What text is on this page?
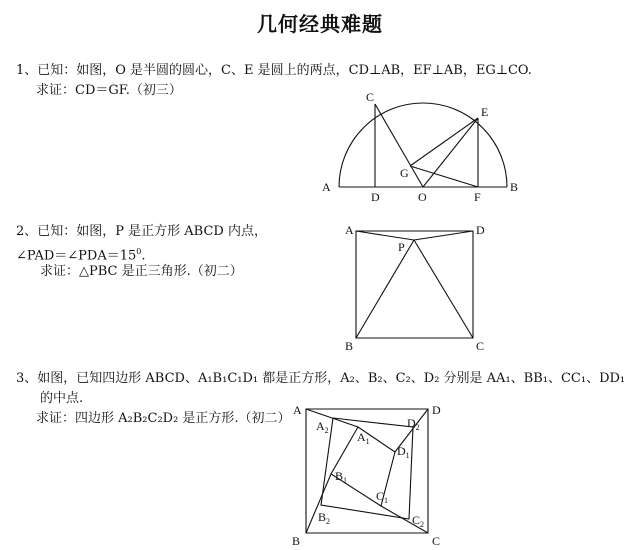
几何经典难题
1、已知：如图，O 是半圆的圆心，C、E 是圆上的两点，CD⊥AB，EF⊥AB，EG⊥CO.
求证：CD＝GF.（初三）
A	B
C
D
E
F
G
O
2、已知：如图，P 是正方形 ABCD 内点，
$\angle PAD=\angle PDA=15^0$.
求证：△PBC 是正三角形.（初二）
A	D
B	C
P
3、如图，已知四边形 ABCD、A₁B₁C₁D₁ 都是正方形，A₂、B₂、C₂、D₂ 分别是 AA₁、BB₁、CC₁、DD₁
的中点.
求证：四边形 A₂B₂C₂D₂ 是正方形.（初二）
A	D
B	C
$A_1$
$B_1$
$C_1$
$D_1$
$A_2$
$B_2$	$C_2$
$D_2$
